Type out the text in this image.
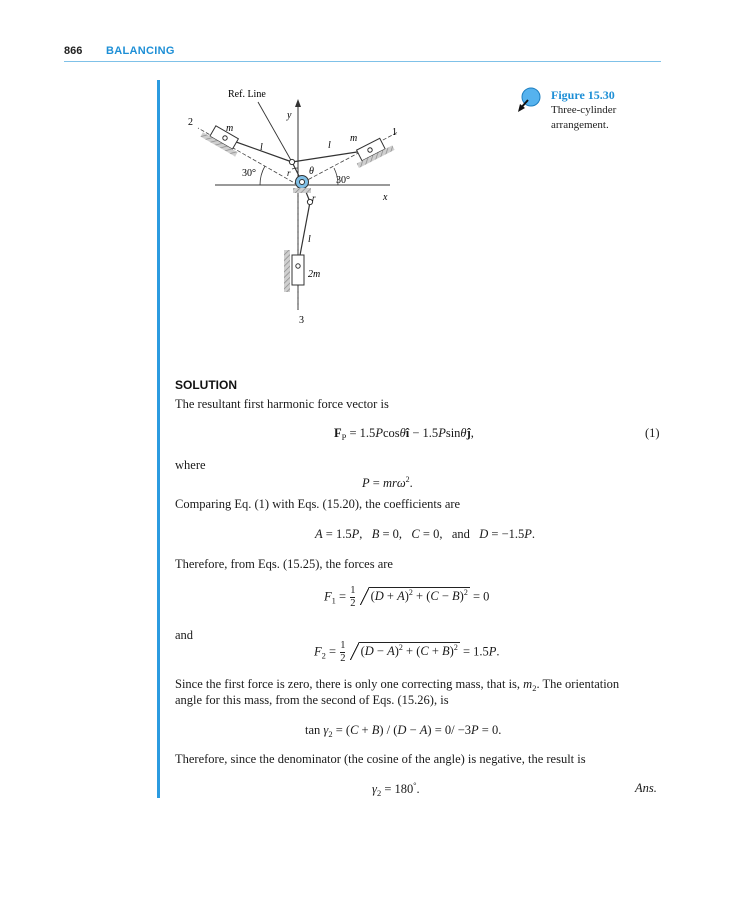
866 BALANCING
Ref. Line
y
x
2
1
3
m
m
2m
l	l
l
r
r
θ
30°
30°
Figure 15.30
Three-cylinder arrangement.
SOLUTION
The resultant first harmonic force vector is
$F_P$ = 1.5Pcosθî − 1.5Psinθĵ,	(1)
where
P = mrω$^2$.
Comparing Eq. (1) with Eqs. (15.20), the coefficients are
A = 1.5P,   B = 0,   C = 0,   and D = −1.5P.
Therefore, from Eqs. (15.25), the forces are
$F_1 = \frac{1}{2} (D + A)^2 + (C - B)^2 = 0$
and
$F_2 = \frac{1}{2} (D - A)^2 + (C + B)^2 = 1.5P$.
Since the first force is zero, there is only one correcting mass, that is, $m_2$. The orientation
angle for this mass, from the second of Eqs. (15.26), is
$\tan \gamma_2 = (C + B) / (D - A) = 0/ -3P = 0$.
Therefore, since the denominator (the cosine of the angle) is negative, the result is
$\gamma_2 = 180^\circ$.	Ans.
